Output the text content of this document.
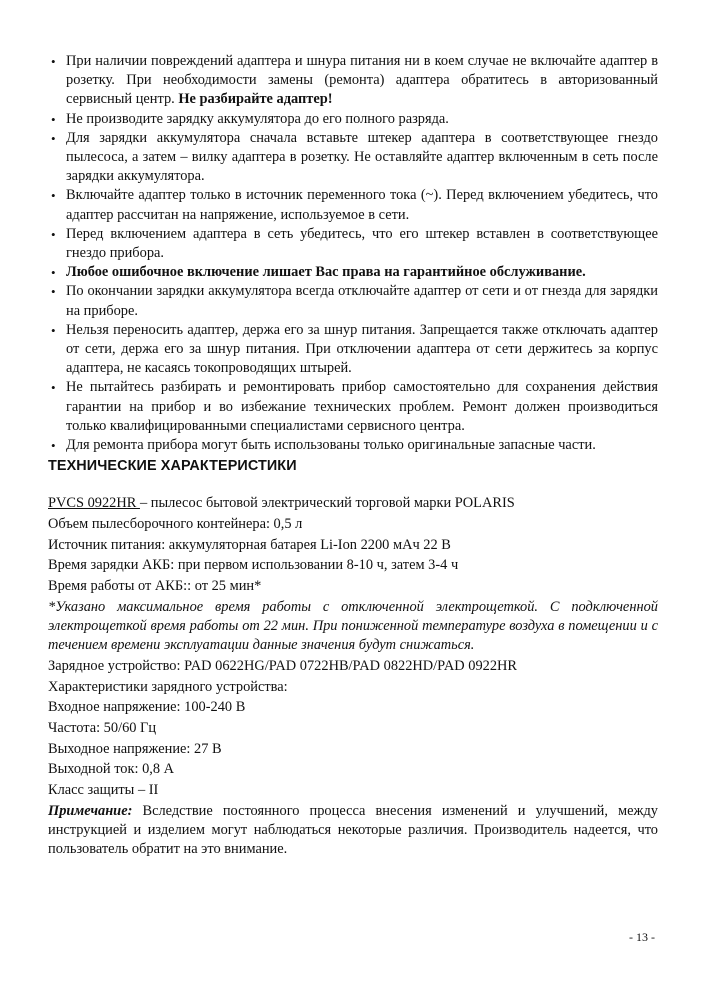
• При наличии повреждений адаптера и шнура питания ни в коем случае не включайте адаптер в розетку. При необходимости замены (ремонта) адаптера обратитесь в авторизованный сервисный центр. Не разбирайте адаптер!
• Не производите зарядку аккумулятора до его полного разряда.
• Для зарядки аккумулятора сначала вставьте штекер адаптера в соответствующее гнездо пылесоса, а затем – вилку адаптера в розетку. Не оставляйте адаптер включенным в сеть после зарядки аккумулятора.
• Включайте адаптер только в источник переменного тока (~). Перед включением убедитесь, что адаптер рассчитан на напряжение, используемое в сети.
• Перед включением адаптера в сеть убедитесь, что его штекер вставлен в соответствующее гнездо прибора.
• Любое ошибочное включение лишает Вас права на гарантийное обслуживание.
• По окончании зарядки аккумулятора всегда отключайте адаптер от сети и от гнезда для зарядки на приборе.
• Нельзя переносить адаптер, держа его за шнур питания. Запрещается также отключать адаптер от сети, держа его за шнур питания. При отключении адаптера от сети держитесь за корпус адаптера, не касаясь токопроводящих штырей.
• Не пытайтесь разбирать и ремонтировать прибор самостоятельно для сохранения действия гарантии на прибор и во избежание технических проблем. Ремонт должен производиться только квалифицированными специалистами сервисного центра.
• Для ремонта прибора могут быть использованы только оригинальные запасные части.
ТЕХНИЧЕСКИЕ ХАРАКТЕРИСТИКИ

PVCS 0922HR – пылесос бытовой электрический торговой марки POLARIS

Объем пылесборочного контейнера: 0,5 л

Источник питания: аккумуляторная батарея Li-Ion 2200 мАч 22 В

Время зарядки АКБ: при первом использовании 8-10 ч, затем 3-4 ч

Время работы от АКБ:: от 25 мин*

*Указано максимальное время работы с отключенной электрощеткой. С подключенной электрощеткой время работы от 22 мин. При пониженной температуре воздуха в помещении и с течением времени эксплуатации данные значения будут снижаться.

Зарядное устройство: PAD 0622HG/PAD 0722HB/PAD 0822HD/PAD 0922HR

Характеристики зарядного устройства:

Входное напряжение: 100-240 В

Частота: 50/60 Гц

Выходное напряжение: 27 В

Выходной ток: 0,8 А

Класс защиты – II

Примечание: Вследствие постоянного процесса внесения изменений и улучшений, между инструкцией и изделием могут наблюдаться некоторые различия. Производитель надеется, что пользователь обратит на это внимание.

- 13 -
